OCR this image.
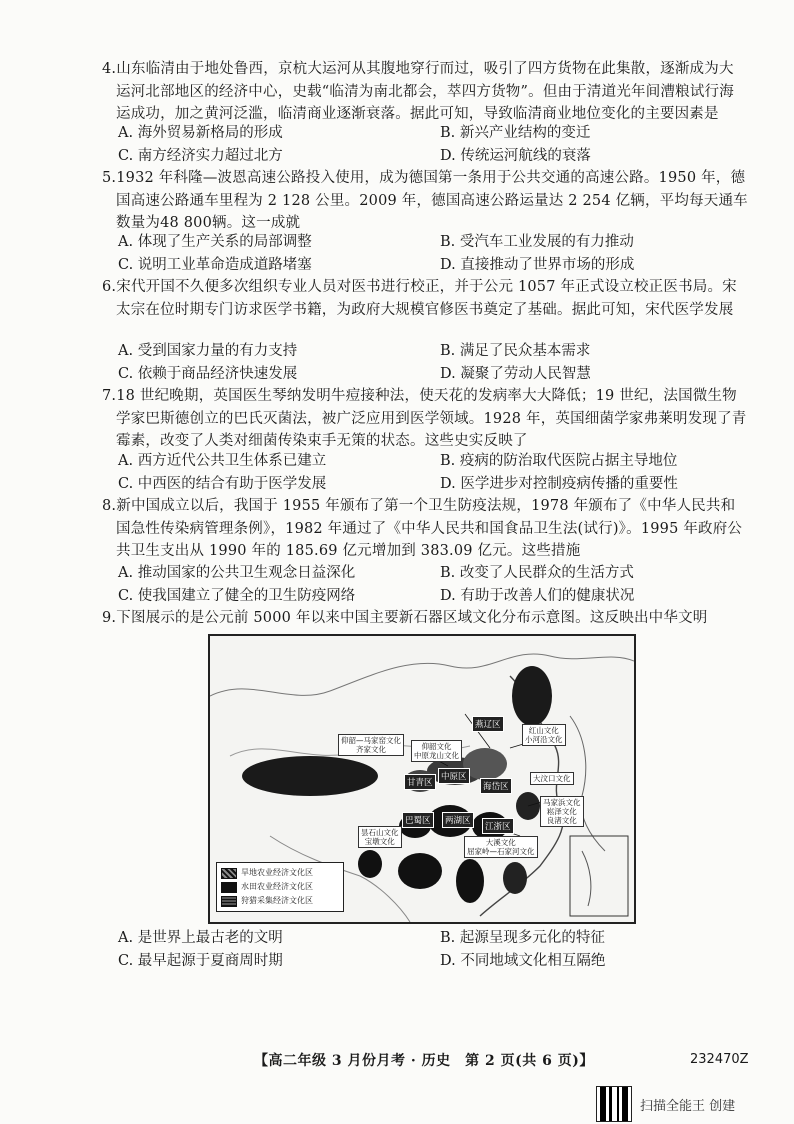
4.山东临清由于地处鲁西，京杭大运河从其腹地穿行而过，吸引了四方货物在此集散，逐渐成为大运河北部地区的经济中心，史载“临清为南北都会，萃四方货物”。但由于清道光年间漕粮试行海运成功，加之黄河泛滥，临清商业逐渐衰落。据此可知，导致临清商业地位变化的主要因素是
A. 海外贸易新格局的形成	B. 新兴产业结构的变迁
C. 南方经济实力超过北方	D. 传统运河航线的衰落
5.1932 年科隆—波恩高速公路投入使用，成为德国第一条用于公共交通的高速公路。1950 年，德国高速公路通车里程为 2 128 公里。2009 年，德国高速公路运量达 2 254 亿辆，平均每天通车数量为48 800辆。这一成就
A. 体现了生产关系的局部调整	B. 受汽车工业发展的有力推动
C. 说明工业革命造成道路堵塞	D. 直接推动了世界市场的形成
6.宋代开国不久便多次组织专业人员对医书进行校正，并于公元 1057 年正式设立校正医书局。宋太宗在位时期专门访求医学书籍，为政府大规模官修医书奠定了基础。据此可知，宋代医学发展
A. 受到国家力量的有力支持	B. 满足了民众基本需求
C. 依赖于商品经济快速发展	D. 凝聚了劳动人民智慧
7.18 世纪晚期，英国医生琴纳发明牛痘接种法，使天花的发病率大大降低；19 世纪，法国微生物学家巴斯德创立的巴氏灭菌法，被广泛应用到医学领域。1928 年，英国细菌学家弗莱明发现了青霉素，改变了人类对细菌传染束手无策的状态。这些史实反映了
A. 西方近代公共卫生体系已建立	B. 疫病的防治取代医院占据主导地位
C. 中西医的结合有助于医学发展	D. 医学进步对控制疫病传播的重要性
8.新中国成立以后，我国于 1955 年颁布了第一个卫生防疫法规，1978 年颁布了《中华人民共和国急性传染病管理条例》，1982 年通过了《中华人民共和国食品卫生法(试行)》。1995 年政府公共卫生支出从 1990 年的 185.69 亿元增加到 383.09 亿元。这些措施
A. 推动国家的公共卫生观念日益深化	B. 改变了人民群众的生活方式
C. 使我国建立了健全的卫生防疫网络	D. 有助于改善人们的健康状况
9.下图展示的是公元前 5000 年以来中国主要新石器区域文化分布示意图。这反映出中华文明
仰韶—马家窑文化
齐家文化	仰韶文化
中原龙山文化
红山文化
小河沿文化
大汶口文化
马家浜文化
崧泽文化
良渚文化
大溪文化
屈家岭—石家河文化
昙石山文化
宝墩文化
燕辽区
中原区
海岱区
甘青区
巴蜀区	两湖区
江浙区
旱地农业经济文化区
水田农业经济文化区
狩猎采集经济文化区
A. 是世界上最古老的文明	B. 起源呈现多元化的特征
C. 最早起源于夏商周时期	D. 不同地域文化相互隔绝
【高二年级 3 月份月考 · 历史　第 2 页(共 6 页)】	232470Z
扫描全能王 创建
